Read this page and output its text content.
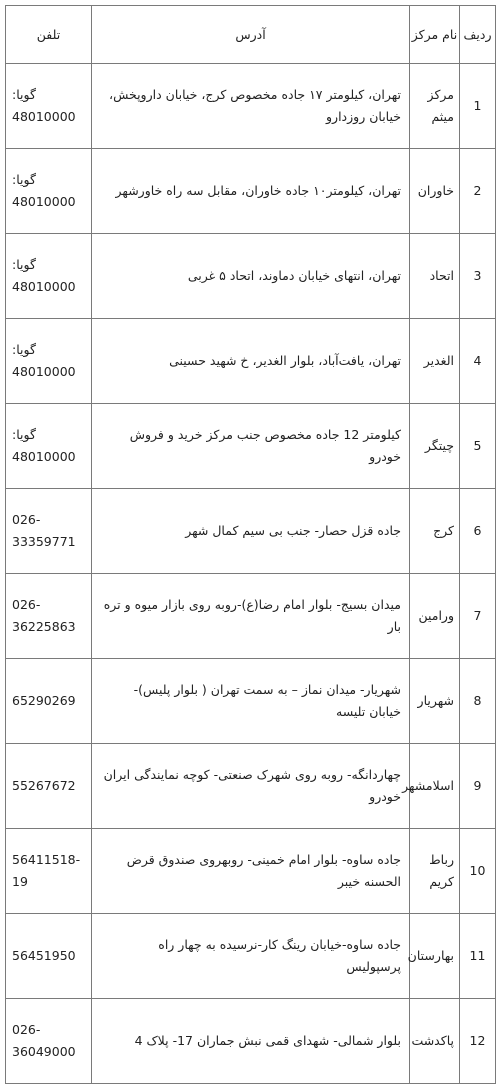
ردیف	نام مرکز	آدرس	تلفن
1	مرکز میثم	تهران، کیلومتر ۱۷ جاده مخصوص کرج، خیابان داروپخش، خیابان روزدارو	گویا: 48010000
2	خاوران	تهران، کیلومتر۱۰ جاده خاوران، مقابل سه راه خاورشهر	گویا: 48010000
3	اتحاد	تهران، انتهای خیابان دماوند، اتحاد ۵ غربی	گویا: 48010000
4	الغدیر	تهران، یافت‌آباد، بلوار الغدیر، خ شهید حسینی	گویا: 48010000
5	چیتگر	کیلومتر 12 جاده مخصوص جنب مرکز خرید و فروش خودرو	گویا: 48010000
6	کرج	جاده قزل حصار- جنب بی سیم کمال شهر	026-33359771
7	ورامین	میدان بسیج- بلوار امام رضا(ع)-روبه روی بازار میوه و تره بار	026-36225863
8	شهریار	شهریار- میدان نماز – به سمت تهران ( بلوار پلیس)- خیابان تلیسه	65290269
9	اسلامشهر	چهاردانگه- روبه روی شهرک صنعتی- کوچه نمایندگی ایران خودرو	55267672
10	رباط کریم	جاده ساوه- بلوار امام خمینی- روبهروی صندوق قرض الحسنه خیبر	56411518-19
11	بهارستان	جاده ساوه-خیابان رینگ کار-نرسیده به چهار راه پرسپولیس	56451950
12	پاکدشت	بلوار شمالی- شهدای قمی نبش جماران 17- پلاک 4	026-36049000
